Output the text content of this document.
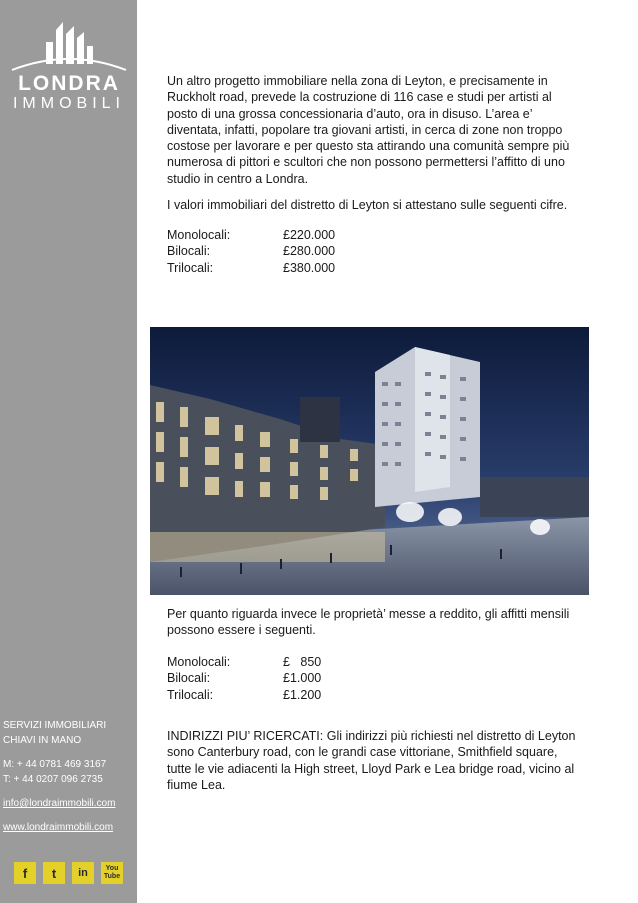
LONDRA
IMMOBILI
SERVIZI IMMOBILIARI
CHIAVI IN MANO
M: + 44 0781 469 3167
T: + 44 0207 096 2735
info@londraimmobili.com
www.londraimmobili.com
f	t	in	You Tube

Un altro progetto immobiliare nella zona di Leyton, e precisamente in

Ruckholt road, prevede la costruzione di 116 case e studi per artisti al

posto di una grossa concessionaria d’auto, ora in disuso. L’area e’

diventata, infatti, popolare tra giovani artisti, in cerca di zone non troppo

costose per lavorare e per questo sta attirando una comunità sempre più

numerosa di pittori e scultori che non possono permettersi l’affitto di uno

studio in centro a Londra.

I valori immobiliari del distretto di Leyton si attestano sulle seguenti cifre.
Monolocali:	£220.000
Bilocali:	£280.000
Trilocali:	£380.000

Per quanto riguarda invece le proprietà’ messe a reddito, gli affitti mensili

possono essere i seguenti.

Monolocali:	£   850
Bilocali:	£1.000
Trilocali:	£1.200

INDIRIZZI PIU’ RICERCATI: Gli indirizzi più richiesti nel distretto di Leyton

sono Canterbury road, con le grandi case vittoriane, Smithfield square,

tutte le vie adiacenti la High street, Lloyd Park e Lea bridge road, vicino al

fiume Lea.
